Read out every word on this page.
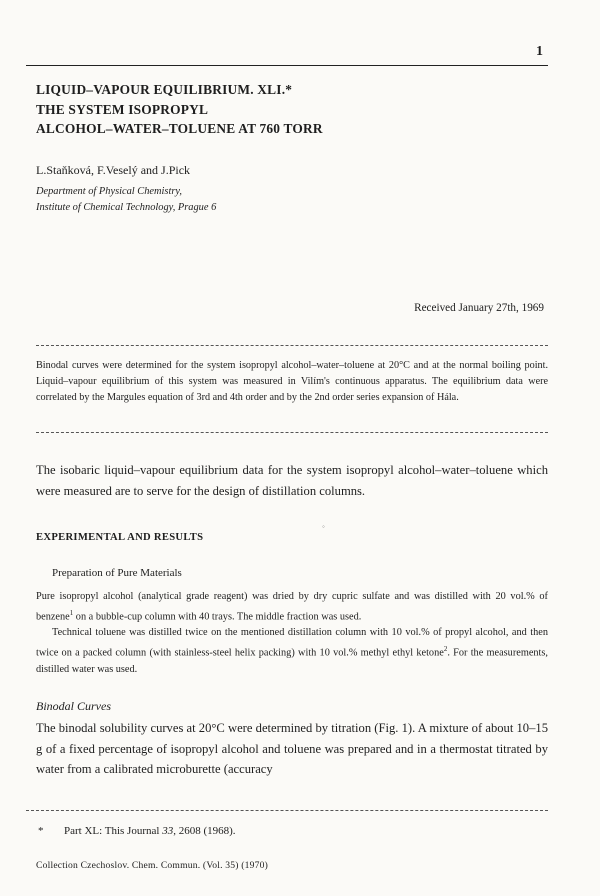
1
LIQUID–VAPOUR EQUILIBRIUM. XLI.*
THE SYSTEM ISOPROPYL
ALCOHOL–WATER–TOLUENE AT 760 TORR
L.Staňková, F.Veselý and J.Pick
Department of Physical Chemistry,
Institute of Chemical Technology, Prague 6
Received January 27th, 1969
Binodal curves were determined for the system isopropyl alcohol–water–toluene at 20°C and at the normal boiling point. Liquid–vapour equilibrium of this system was measured in Vilím's continuous apparatus. The equilibrium data were correlated by the Margules equation of 3rd and 4th order and by the 2nd order series expansion of Hála.
The isobaric liquid–vapour equilibrium data for the system isopropyl alcohol–water–toluene which were measured are to serve for the design of distillation columns.
EXPERIMENTAL AND RESULTS
◦
Preparation of Pure Materials

Pure isopropyl alcohol (analytical grade reagent) was dried by dry cupric sulfate and was distilled with 20 vol.% of benzene$^1$ on a bubble-cup column with 40 trays. The middle fraction was used.

Technical toluene was distilled twice on the mentioned distillation column with 10 vol.% of propyl alcohol, and then twice on a packed column (with stainless-steel helix packing) with 10 vol.% methyl ethyl ketone$^2$. For the measurements, distilled water was used.

Binodal Curves
The binodal solubility curves at 20°C were determined by titration (Fig. 1). A mixture of about 10–15 g of a fixed percentage of isopropyl alcohol and toluene was prepared and in a thermostat titrated by water from a calibrated microburette (accuracy
* Part XL: This Journal 33, 2608 (1968).
Collection Czechoslov. Chem. Commun. (Vol. 35) (1970)
